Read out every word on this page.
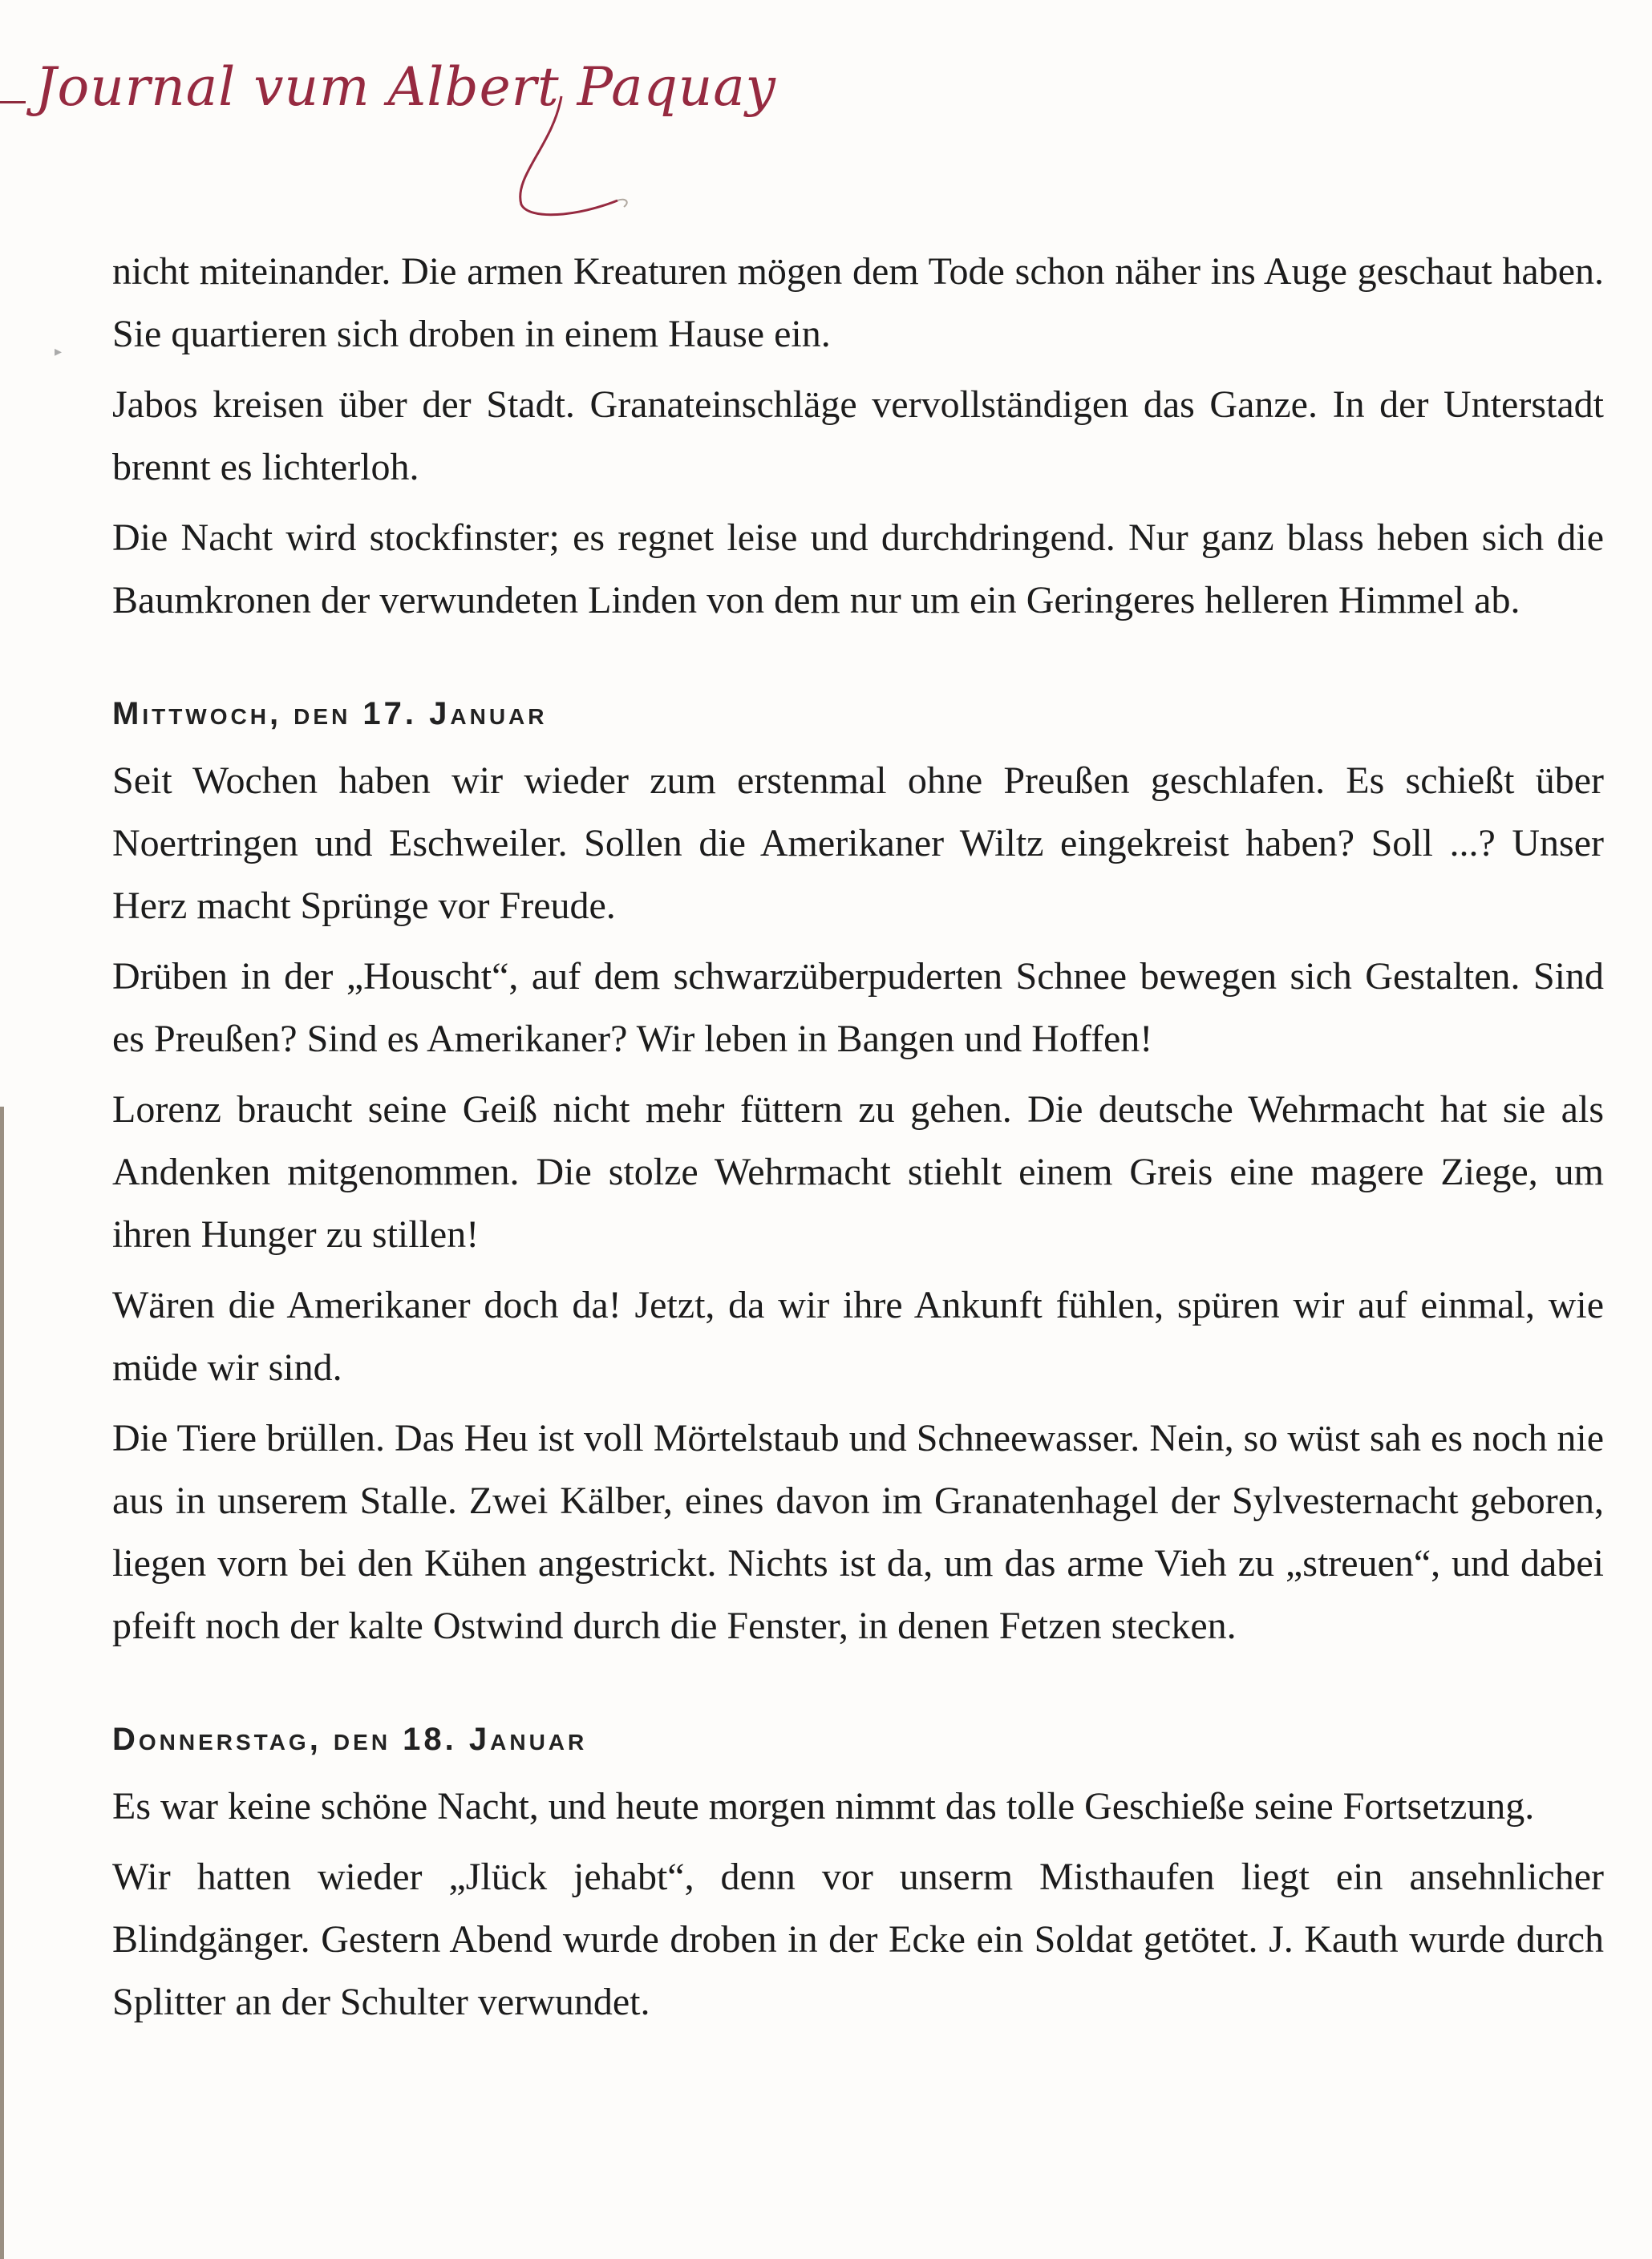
Journal vum Albert Paquay
▸

nicht miteinander. Die armen Kreaturen mögen dem Tode schon näher ins Auge geschaut haben. Sie quartieren sich droben in einem Hause ein.

Jabos kreisen über der Stadt. Granateinschläge vervollständigen das Ganze. In der Unterstadt brennt es lichterloh.

Die Nacht wird stockfinster; es regnet leise und durchdringend. Nur ganz blass heben sich die Baumkronen der verwundeten Linden von dem nur um ein Geringeres helleren Himmel ab.

Mittwoch, den 17. Januar

Seit Wochen haben wir wieder zum erstenmal ohne Preußen geschlafen. Es schießt über Noertringen und Eschweiler. Sollen die Amerikaner Wiltz eingekreist haben? Soll ...? Unser Herz macht Sprünge vor Freude.

Drüben in der „Houscht“, auf dem schwarzüberpuderten Schnee bewegen sich Gestalten. Sind es Preußen? Sind es Amerikaner? Wir leben in Bangen und Hoffen!

Lorenz braucht seine Geiß nicht mehr füttern zu gehen. Die deutsche Wehrmacht hat sie als Andenken mitgenommen. Die stolze Wehrmacht stiehlt einem Greis eine magere Ziege, um ihren Hunger zu stillen!

Wären die Amerikaner doch da! Jetzt, da wir ihre Ankunft fühlen, spüren wir auf einmal, wie müde wir sind.

Die Tiere brüllen. Das Heu ist voll Mörtelstaub und Schneewasser. Nein, so wüst sah es noch nie aus in unserem Stalle. Zwei Kälber, eines davon im Granatenhagel der Sylvesternacht geboren, liegen vorn bei den Kühen angestrickt. Nichts ist da, um das arme Vieh zu „streuen“, und dabei pfeift noch der kalte Ostwind durch die Fenster, in denen Fetzen stecken.

Donnerstag, den 18. Januar

Es war keine schöne Nacht, und heute morgen nimmt das tolle Geschieße seine Fortsetzung.

Wir hatten wieder „Jlück jehabt“, denn vor unserm Misthaufen liegt ein ansehnlicher Blindgänger. Gestern Abend wurde droben in der Ecke ein Soldat getötet. J. Kauth wurde durch Splitter an der Schulter verwundet.
